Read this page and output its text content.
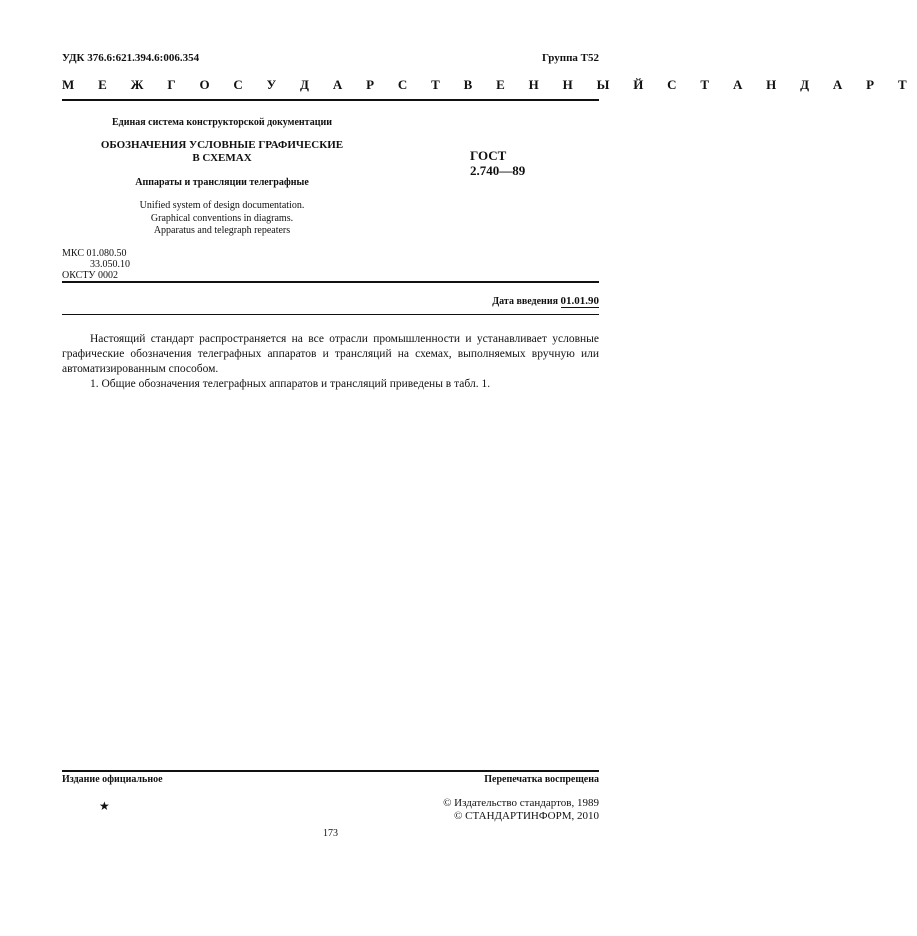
УДК 376.6:621.394.6:006.354	Группа Т52
М Е Ж Г О С У Д А Р С Т В Е Н Н Ы Й С Т А Н Д А Р Т
Единая система конструкторской документации
ОБОЗНАЧЕНИЯ УСЛОВНЫЕ ГРАФИЧЕСКИЕ
В СХЕМАХ
Аппараты и трансляции телеграфные
Unified system of design documentation.
Graphical conventions in diagrams.
Apparatus and telegraph repeaters
ГОСТ
2.740—89
МКС 01.080.50
33.050.10
ОКСТУ 0002
Дата введения 01.01.90
Настоящий стандарт распространяется на все отрасли промышленности и устанавливает условные графические обозначения телеграфных аппаратов и трансляций на схемах, выполняемых вручную или автоматизированным способом.
1. Общие обозначения телеграфных аппаратов и трансляций приведены в табл. 1.
Издание официальное	Перепечатка воспрещена
★	© Издательство стандартов, 1989
© СТАНДАРТИНФОРМ, 2010
173
